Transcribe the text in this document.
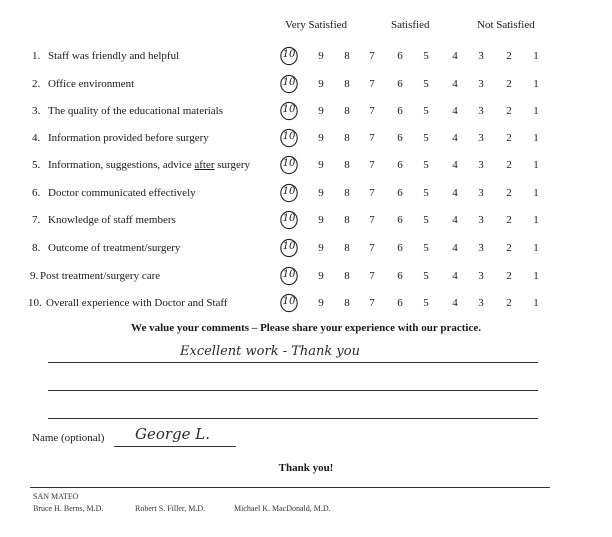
Very Satisfied	Satisfied	Not Satisfied
1. Staff was friendly and helpful	10	9 8 7 6 5 4 3 2 1
2. Office environment	10	9 8 7 6 5 4 3 2 1
3. The quality of the educational materials	10	9 8 7 6 5 4 3 2 1
4. Information provided before surgery	10	9 8 7 6 5 4 3 2 1
5. Information, suggestions, advice after surgery	10	9 8 7 6 5 4 3 2 1
6. Doctor communicated effectively	10	9 8 7 6 5 4 3 2 1
7. Knowledge of staff members	10	9 8 7 6 5 4 3 2 1
8. Outcome of treatment/surgery	10	9 8 7 6 5 4 3 2 1
9. Post treatment/surgery care	10	9 8 7 6 5 4 3 2 1
10. Overall experience with Doctor and Staff	10	9 8 7 6 5 4 3 2 1
We value your comments – Please share your experience with our practice.
Excellent work - Thank you
Name (optional) George L.
Thank you!
SAN MATEO
Bruce H. Berns, M.D.	Robert S. Filler, M.D.	Michael K. MacDonald, M.D.
